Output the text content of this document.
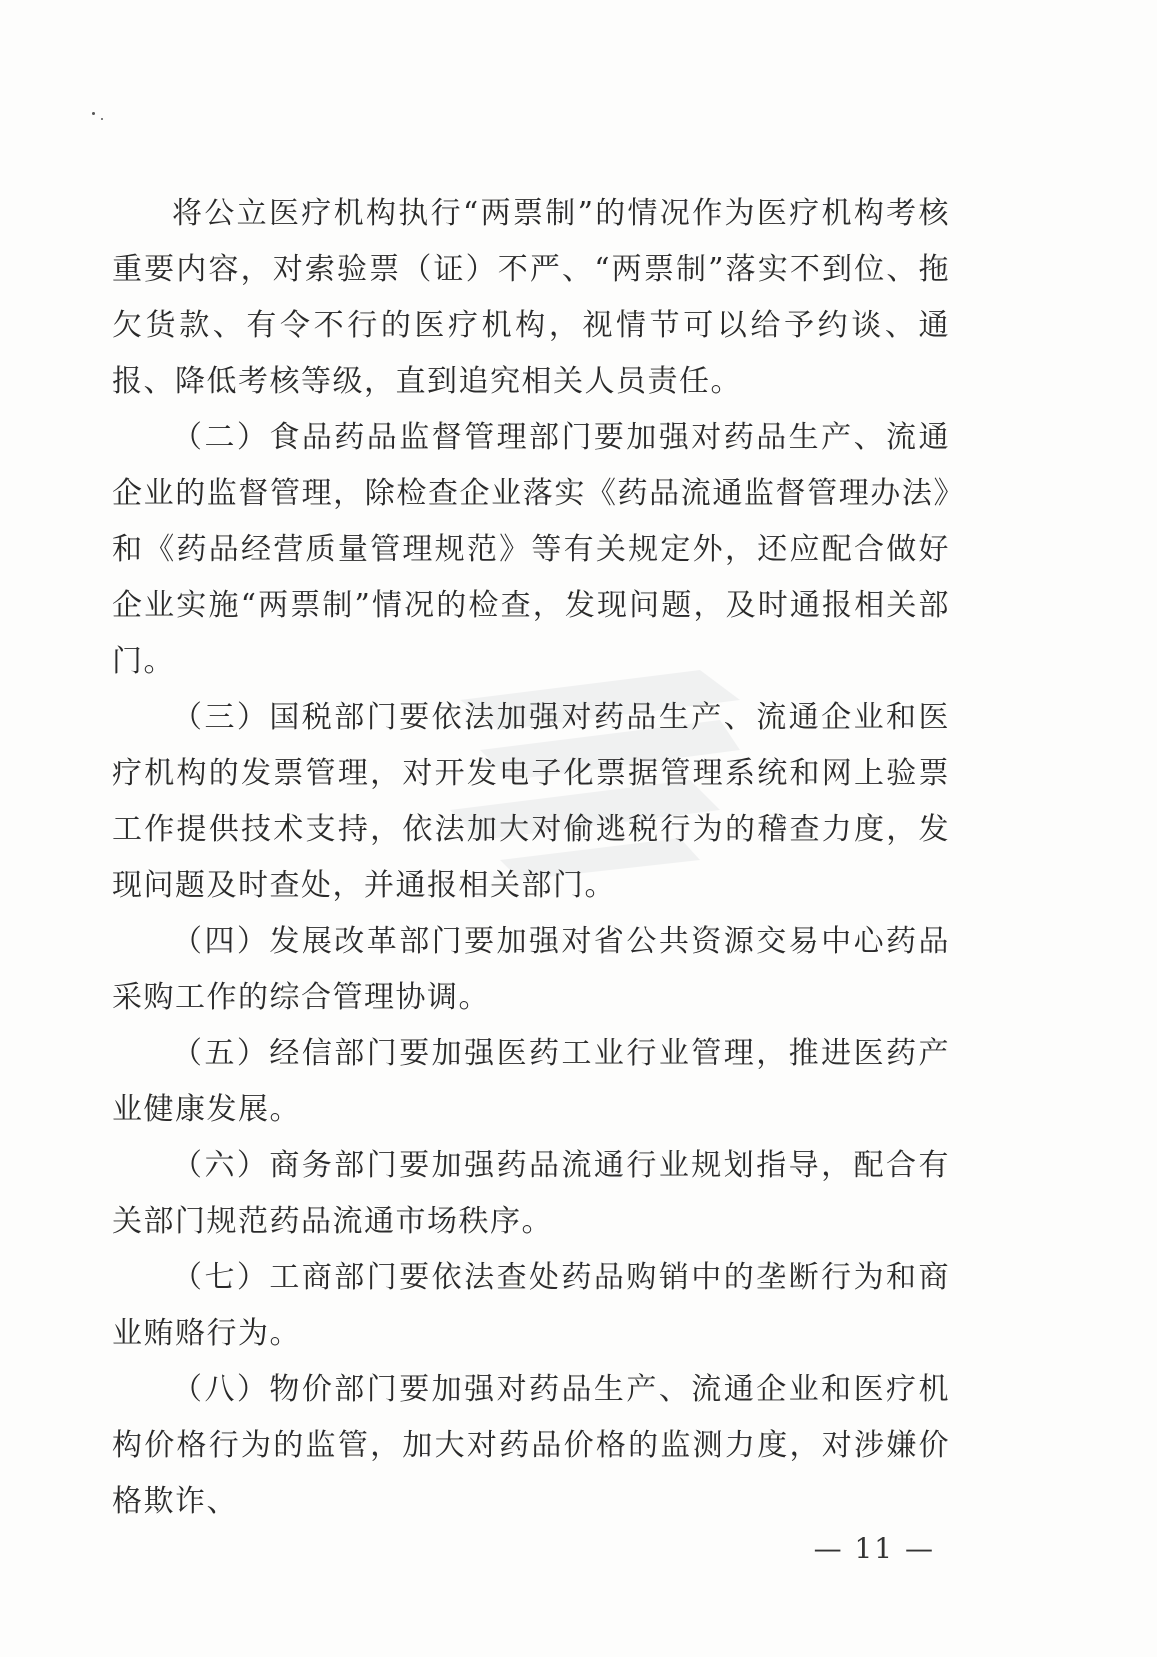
将公立医疗机构执行“两票制”的情况作为医疗机构考核重要内容，对索验票（证）不严、“两票制”落实不到位、拖欠货款、有令不行的医疗机构，视情节可以给予约谈、通报、降低考核等级，直到追究相关人员责任。

（二）食品药品监督管理部门要加强对药品生产、流通企业的监督管理，除检查企业落实《药品流通监督管理办法》和《药品经营质量管理规范》等有关规定外，还应配合做好企业实施“两票制”情况的检查，发现问题，及时通报相关部门。

（三）国税部门要依法加强对药品生产、流通企业和医疗机构的发票管理，对开发电子化票据管理系统和网上验票工作提供技术支持，依法加大对偷逃税行为的稽查力度，发现问题及时查处，并通报相关部门。

（四）发展改革部门要加强对省公共资源交易中心药品采购工作的综合管理协调。

（五）经信部门要加强医药工业行业管理，推进医药产业健康发展。

（六）商务部门要加强药品流通行业规划指导，配合有关部门规范药品流通市场秩序。

（七）工商部门要依法查处药品购销中的垄断行为和商业贿赂行为。

（八）物价部门要加强对药品生产、流通企业和医疗机构价格行为的监管，加大对药品价格的监测力度，对涉嫌价格欺诈、

— 11 —
